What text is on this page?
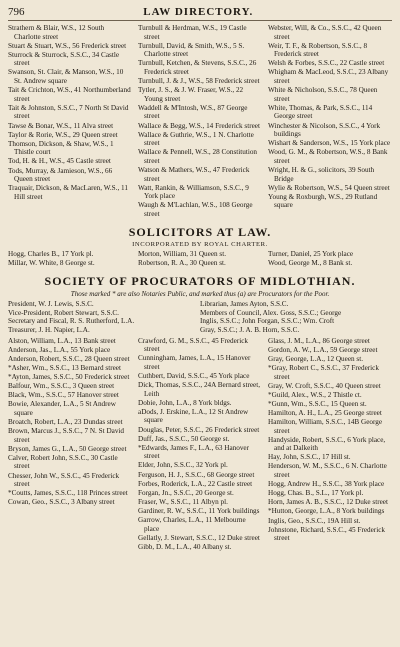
796	LAW DIRECTORY.
Strathern & Blair, W.S., 12 South Charlotte street
Stuart & Stuart, W.S., 56 Frederick street
Sturrock & Sturrock, S.S.C., 34 Castle street
Swanson, St. Clair, & Manson, W.S., 10 St. Andrew square
Tait & Crichton, W.S., 41 Northumberland street
Tait & Johnston, S.S.C., 7 North St David street
Tawse & Bonar, W.S., 11 Alva street
Taylor & Rorie, W.S., 29 Queen street
Thomson, Dickson, & Shaw, W.S., 1 Thistle court
Tod, H. & H., W.S., 45 Castle street
Tods, Murray, & Jamieson, W.S., 66 Queen street
Traquair, Dickson, & MacLaren, W.S., 11 Hill street
Turnbull & Herdman, W.S., 19 Castle street
Turnbull, David, & Smith, W.S., 5 S. Charlotte street
Turnbull, Ketchen, & Stevens, S.S.C., 26 Frederick street
Turnbull, J. & J., W.S., 58 Frederick street
Tytler, J. S., & J. W. Fraser, W.S., 22 Young street
Waddell & M'Intosh, W.S., 87 George street
Wallace & Begg, W.S., 14 Frederick street
Wallace & Guthrie, W.S., 1 N. Charlotte street
Wallace & Pennell, W.S., 28 Constitution street
Watson & Mathers, W.S., 47 Frederick street
Watt, Rankin, & Williamson, S.S.C., 9 York place
Waugh & M'Lachlan, W.S., 108 George street
Webster, Will, & Co., S.S.C., 42 Queen street
Weir, T. F., & Robertson, S.S.C., 8 Frederick street
Welsh & Forbes, S.S.C., 22 Castle street
Whigham & MacLeod, S.S.C., 23 Albany street
White & Nicholson, S.S.C., 78 Queen street
White, Thomas, & Park, S.S.C., 114 George street
Winchester & Nicolson, S.S.C., 4 York buildings
Wishart & Sanderson, W.S., 15 York place
Wood, G. M., & Robertson, W.S., 8 Bank street
Wright, H. & G., solicitors, 39 South Bridge
Wylie & Robertson, W.S., 54 Queen street
Young & Roxburgh, W.S., 29 Rutland square
SOLICITORS AT LAW.
INCORPORATED BY ROYAL CHARTER.
Hogg, Charles B., 17 York pl.
Millar, W. White, 8 George st.
Morton, William, 31 Queen st.
Robertson, R. A., 30 Queen st.
Turner, Daniel, 25 York place
Wood, George M., 8 Bank st.
SOCIETY OF PROCURATORS OF MIDLOTHIAN.
Those marked * are also Notaries Public, and marked thus (a) are Procurators for the Poor.
President, W. J. Lewis, S.S.C.	Librarian, James Ayton, S.S.C.
Vice-President, Robert Stewart, S.S.C.	Members of Council, Alex. Goss, S.S.C.; George
Secretary and Fiscal, R. S. Rutherford, L.A.	Inglis, S.S.C.; John Forgan, S.S.C.; Wm. Croft
Treasurer, J. H. Napier, L.A.	Gray, S.S.C.; J. A. B. Horn, S.S.C.
Alston, William, L.A., 13 Bank street
Anderson, Jas., L.A., 55 York place
Anderson, Robert, S.S.C., 28 Queen street
*Asher, Wm., S.S.C., 13 Bernard street
*Ayton, James, S.S.C., 50 Frederick street
Balfour, Wm., S.S.C., 3 Queen street
Black, Wm., S.S.C., 57 Hanover street
Bowie, Alexander, L.A., 5 St Andrew square
Broatch, Robert, L.A., 23 Dundas street
Brown, Marcus J., S.S.C., 7 N. St David street
Bryson, James G., L.A., 50 George street
Calver, Robert John, S.S.C., 30 Castle street
Chesser, John W., S.S.C., 45 Frederick street
*Coutts, James, S.S.C., 118 Princes street
Cowan, Geo., S.S.C., 3 Albany street
Crawford, G. M., S.S.C., 45 Frederick street
Cunningham, James, L.A., 15 Hanover street
Cuthbert, David, S.S.C., 45 York place
Dick, Thomas, S.S.C., 24A Bernard street, Leith
Dobie, John, L.A., 8 York bldgs.
aDods, J. Erskine, L.A., 12 St Andrew square
Douglas, Peter, S.S.C., 26 Frederick street
Duff, Jas., S.S.C., 50 George st.
*Edwards, James F., L.A., 63 Hanover street
Elder, John, S.S.C., 32 York pl.
Ferguson, H. J., S.S.C., 68 George street
Forbes, Roderick, L.A., 22 Castle street
Forgan, Jn., S.S.C., 20 George st.
Fraser, W., S.S.C., 11 Albyn pl.
Gardiner, R. W., S.S.C., 11 York buildings
Garrow, Charles, L.A., 11 Melbourne place
Gellatly, J. Stewart, S.S.C., 12 Duke street
Gibb, D. M., L.A., 40 Albany st.
Glass, J. M., L.A., 86 George street
Gordon, A. W., L.A., 59 George street
Gray, George, L.A., 12 Queen st.
*Gray, Robert C., S.S.C., 37 Frederick street
Gray, W. Croft, S.S.C., 40 Queen street
*Guild, Alex., W.S., 2 Thistle ct.
*Gunn, Wm., S.S.C., 15 Queen st.
Hamilton, A. H., L.A., 25 George street
Hamilton, William, S.S.C., 14B George street
Handyside, Robert, S.S.C., 6 York place, and at Dalkeith
Hay, John, S.S.C., 17 Hill st.
Henderson, W. M., S.S.C., 6 N. Charlotte street
Hogg, Andrew H., S.S.C., 38 York place
Hogg, Chas. B., S.L., 17 York pl.
Horn, James A. B., S.S.C., 12 Duke street
*Hutton, George, L.A., 8 York buildings
Inglis, Geo., S.S.C., 19A Hill st.
Johnstone, Richard, S.S.C., 45 Frederick street
